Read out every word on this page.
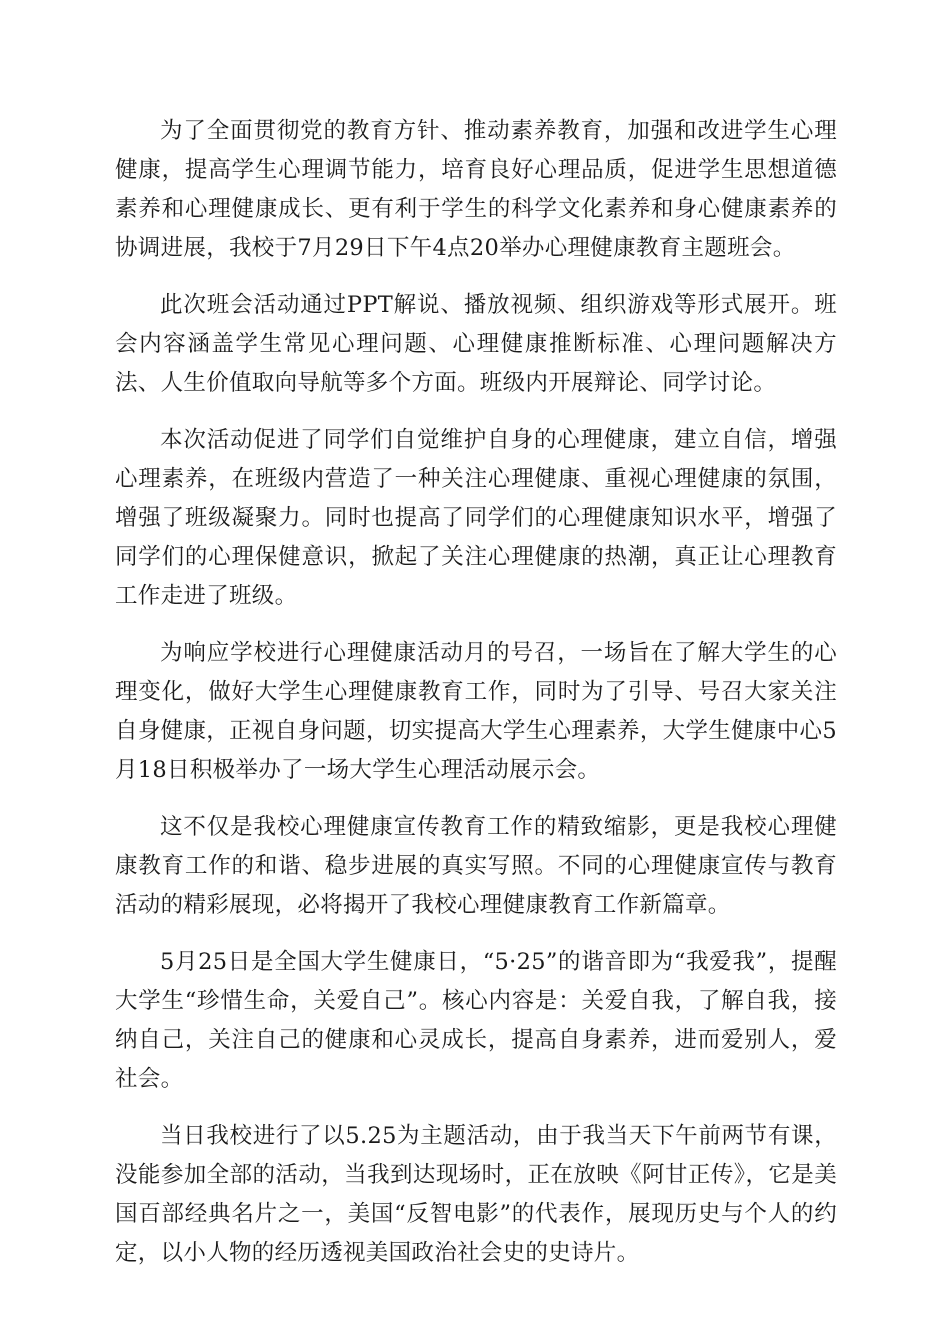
为了全面贯彻党的教育方针、推动素养教育，加强和改进学生心理健康，提高学生心理调节能力，培育良好心理品质，促进学生思想道德素养和心理健康成长、更有利于学生的科学文化素养和身心健康素养的协调进展，我校于7月29日下午4点20举办心理健康教育主题班会。

此次班会活动通过PPT解说、播放视频、组织游戏等形式展开。班会内容涵盖学生常见心理问题、心理健康推断标准、心理问题解决方法、人生价值取向导航等多个方面。班级内开展辩论、同学讨论。

本次活动促进了同学们自觉维护自身的心理健康，建立自信，增强心理素养，在班级内营造了一种关注心理健康、重视心理健康的氛围，增强了班级凝聚力。同时也提高了同学们的心理健康知识水平，增强了同学们的心理保健意识，掀起了关注心理健康的热潮，真正让心理教育工作走进了班级。

为响应学校进行心理健康活动月的号召，一场旨在了解大学生的心理变化，做好大学生心理健康教育工作，同时为了引导、号召大家关注自身健康，正视自身问题，切实提高大学生心理素养，大学生健康中心5月18日积极举办了一场大学生心理活动展示会。

这不仅是我校心理健康宣传教育工作的精致缩影，更是我校心理健康教育工作的和谐、稳步进展的真实写照。不同的心理健康宣传与教育活动的精彩展现，必将揭开了我校心理健康教育工作新篇章。

5月25日是全国大学生健康日，“5·25”的谐音即为“我爱我”，提醒大学生“珍惜生命，关爱自己”。核心内容是：关爱自我，了解自我，接纳自己，关注自己的健康和心灵成长，提高自身素养，进而爱别人，爱社会。

当日我校进行了以5.25为主题活动，由于我当天下午前两节有课，没能参加全部的活动，当我到达现场时，正在放映《阿甘正传》，它是美国百部经典名片之一，美国“反智电影”的代表作，展现历史与个人的约定，以小人物的经历透视美国政治社会史的史诗片。
